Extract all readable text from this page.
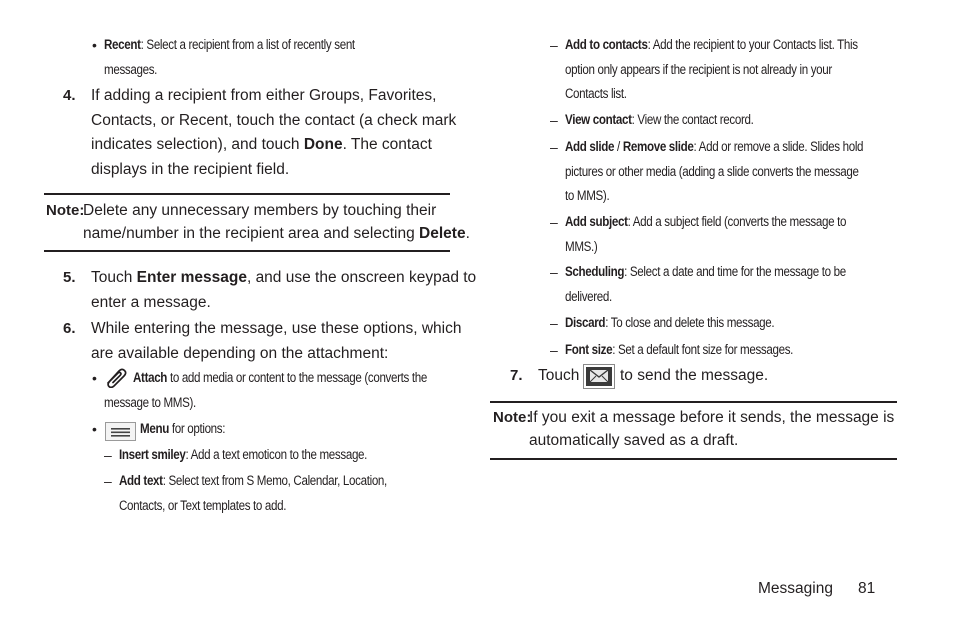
• Recent: Select a recipient from a list of recently sent
messages.
4. If adding a recipient from either Groups, Favorites,
Contacts, or Recent, touch the contact (a check mark
indicates selection), and touch Done. The contact
displays in the recipient field.
Note:
Delete any unnecessary members by touching their
name/number in the recipient area and selecting Delete.
5. Touch Enter message, and use the onscreen keypad to
enter a message.
6. While entering the message, use these options, which
are available depending on the attachment:
•	Attach to add media or content to the message (converts the
message to MMS).
•	Menu for options:
– Insert smiley: Add a text emoticon to the message.
– Add text: Select text from S Memo, Calendar, Location,
Contacts, or Text templates to add.
– Add to contacts: Add the recipient to your Contacts list. This
option only appears if the recipient is not already in your
Contacts list.
– View contact: View the contact record.
– Add slide / Remove slide: Add or remove a slide. Slides hold
pictures or other media (adding a slide converts the message
to MMS).
– Add subject: Add a subject field (converts the message to
MMS.)
– Scheduling: Select a date and time for the message to be
delivered.
– Discard: To close and delete this message.
– Font size: Set a default font size for messages.
7. Touch	to send the message.
Note:
If you exit a message before it sends, the message is
automatically saved as a draft.
Messaging 81
